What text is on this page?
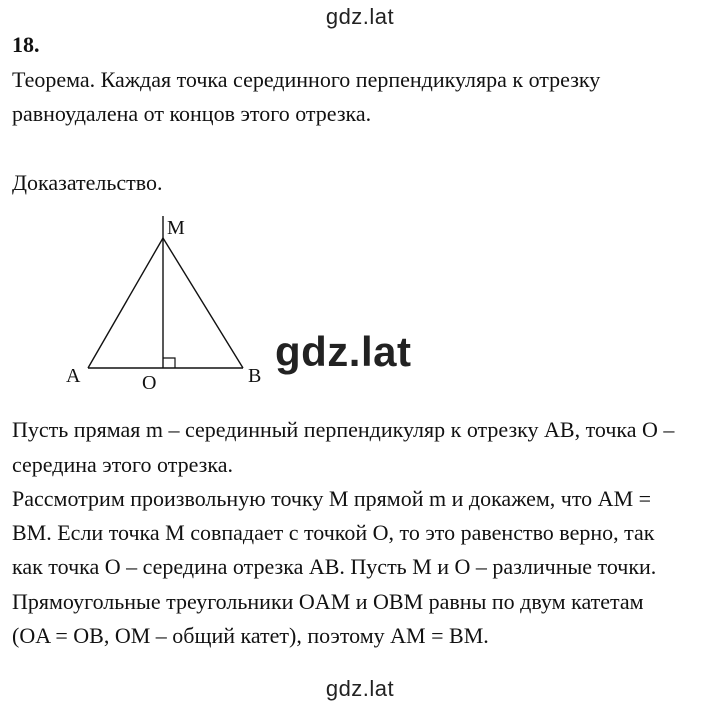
gdz.lat
18.
Теорема. Каждая точка серединного перпендикуляра к отрезку
равноудалена от концов этого отрезка.
Доказательство.
M
A	O	B
gdz.lat
Пусть прямая m – серединный перпендикуляр к отрезку AB, точка O –
середина этого отрезка.
Рассмотрим произвольную точку M прямой m и докажем, что AM =
BM. Если точка M совпадает с точкой O, то это равенство верно, так
как точка O – середина отрезка AB. Пусть M и O – различные точки.
Прямоугольные треугольники OAM и OBM равны по двум катетам
(OA = OB, OM – общий катет), поэтому AM = BM.
gdz.lat
